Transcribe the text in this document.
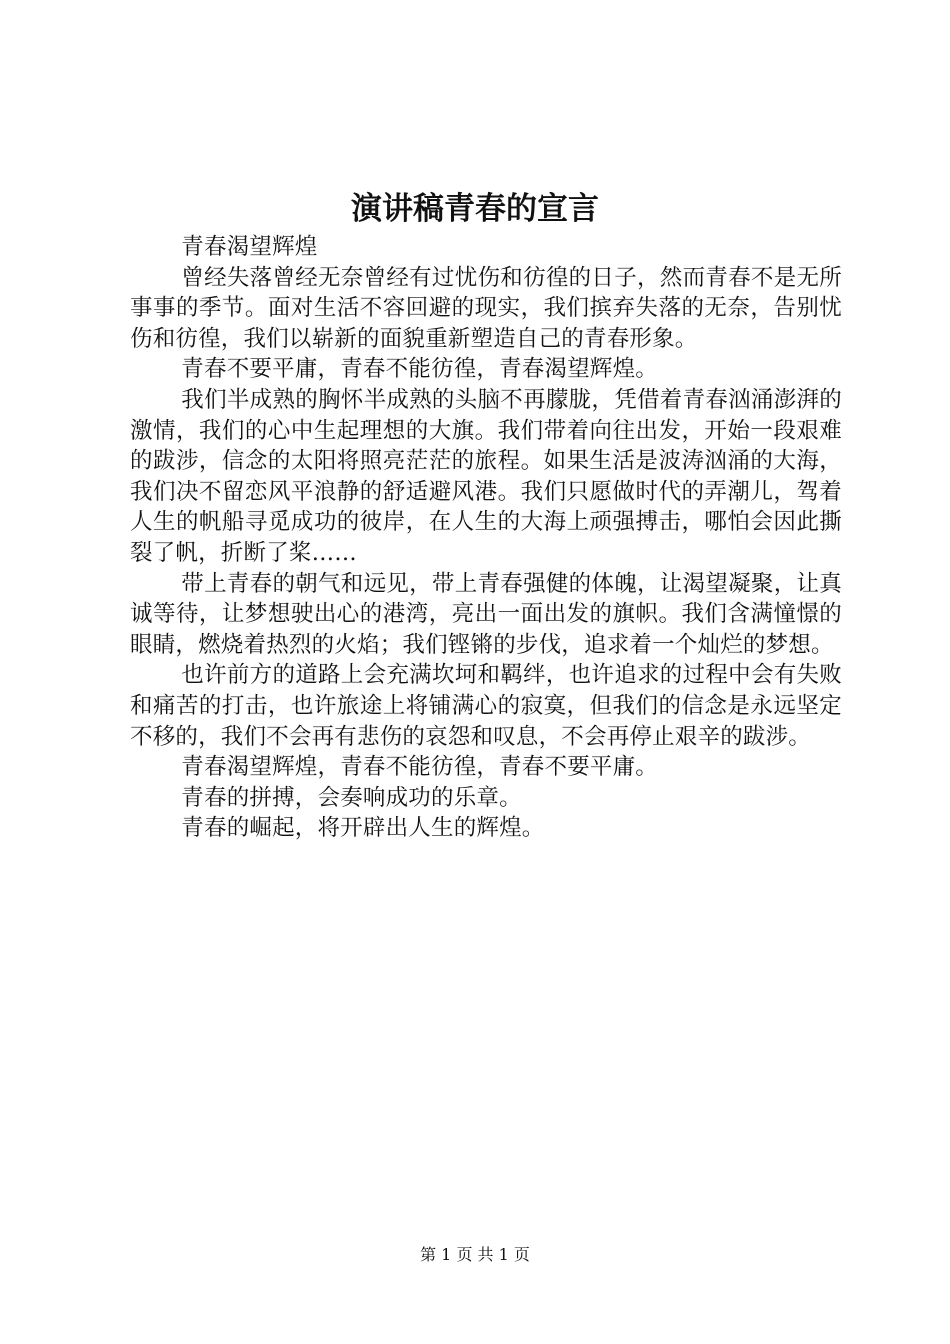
演讲稿青春的宣言

青春渴望辉煌

曾经失落曾经无奈曾经有过忧伤和彷徨的日子，然而青春不是无所事事的季节。面对生活不容回避的现实，我们摈弃失落的无奈，告别忧伤和彷徨，我们以崭新的面貌重新塑造自己的青春形象。

青春不要平庸，青春不能彷徨，青春渴望辉煌。

我们半成熟的胸怀半成熟的头脑不再朦胧，凭借着青春汹涌澎湃的激情，我们的心中生起理想的大旗。我们带着向往出发，开始一段艰难的跋涉，信念的太阳将照亮茫茫的旅程。如果生活是波涛汹涌的大海，我们决不留恋风平浪静的舒适避风港。我们只愿做时代的弄潮儿，驾着人生的帆船寻觅成功的彼岸，在人生的大海上顽强搏击，哪怕会因此撕裂了帆，折断了桨……

带上青春的朝气和远见，带上青春强健的体魄，让渴望凝聚，让真诚等待，让梦想驶出心的港湾，亮出一面出发的旗帜。我们含满憧憬的眼睛，燃烧着热烈的火焰；我们铿锵的步伐，追求着一个灿烂的梦想。

也许前方的道路上会充满坎坷和羁绊，也许追求的过程中会有失败和痛苦的打击，也许旅途上将铺满心的寂寞，但我们的信念是永远坚定不移的，我们不会再有悲伤的哀怨和叹息，不会再停止艰辛的跋涉。

青春渴望辉煌，青春不能彷徨，青春不要平庸。

青春的拼搏，会奏响成功的乐章。

青春的崛起，将开辟出人生的辉煌。

第 1 页 共 1 页
